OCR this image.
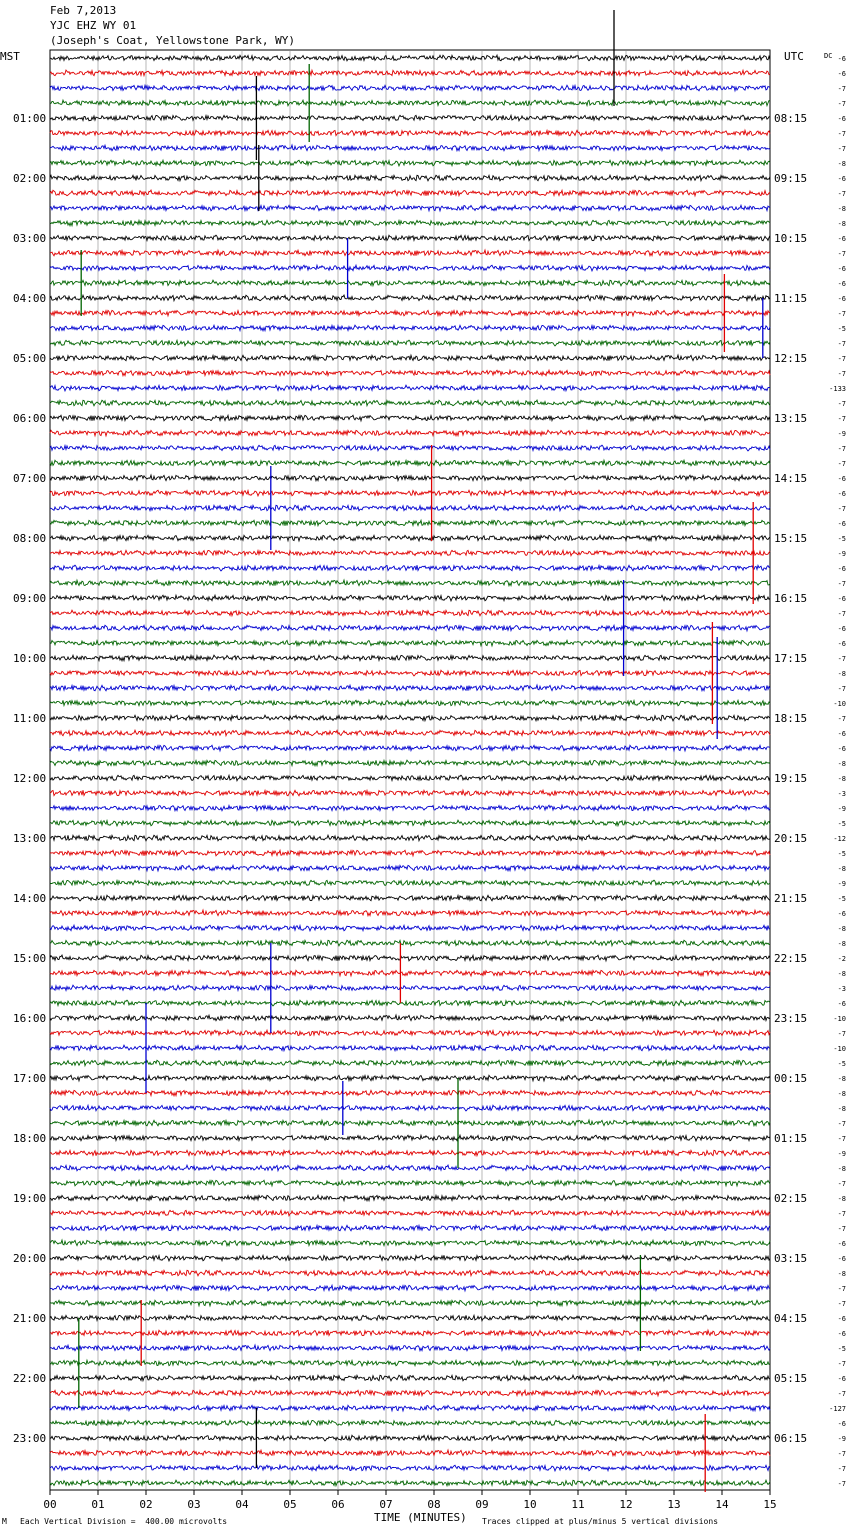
Feb 7,2013
YJC EHZ WY 01
(Joseph's Coat, Yellowstone Park, WY)
MST	UTC	DC
01:00
02:00
03:00
04:00
05:00
06:00
07:00
08:00
09:00
10:00
11:00
12:00
13:00
14:00
15:00
16:00
17:00
18:00
19:00
20:00
21:00
22:00
23:00
08:15
09:15
10:15
11:15
12:15
13:15
14:15
15:15
16:15
17:15
18:15
19:15
20:15
21:15
22:15
23:15
00:15
01:15
02:15
03:15
04:15
05:15
06:15
-6
-6
-7
-7
-6
-7
-7
-8
-6
-7
-8
-8
-6
-7
-6
-6
-6
-7
-5
-7
-7
-7
-133
-7
-7
-9
-7
-7
-6
-6
-7
-6
-5
-9
-6
-7
-6
-7
-6
-6
-7
-8
-7
-10
-7
-6
-6
-8
-8
-3
-9
-5
-12
-5
-8
-9
-5
-6
-8
-8
-2
-8
-3
-6
-10
-7
-10
-5
-8
-8
-8
-7
-7
-9
-8
-7
-8
-7
-7
-6
-6
-8
-7
-7
-6
-6
-5
-7
-6
-7
-127
-6
-9
-7
-7
-7
00	01	02	03	04	05	06	07	08	09	10	11	12	13	14	15
M Each Vertical Division =  400.00 microvolts	TIME (MINUTES) Traces clipped at plus/minus 5 vertical divisions
